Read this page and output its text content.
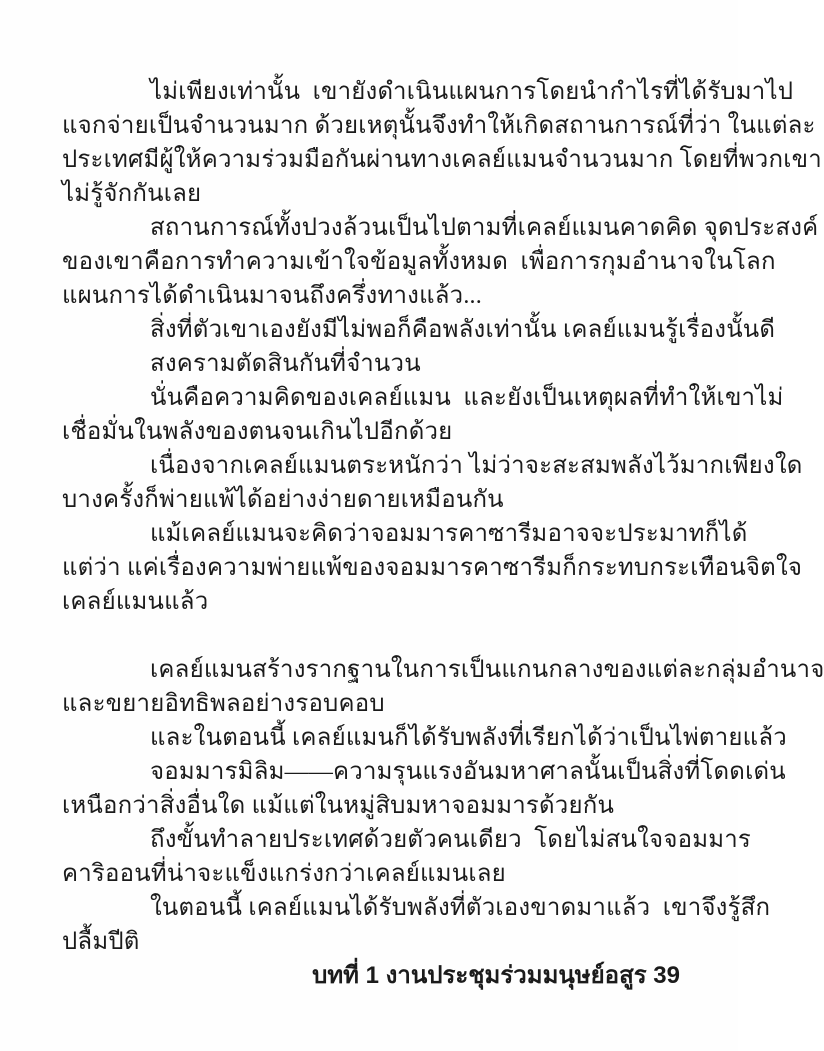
ไม่เพียงเท่านั้น  เขายังดำเนินแผนการโดยนำกำไรที่ได้รับมาไป
แจกจ่ายเป็นจำนวนมาก ด้วยเหตุนั้นจึงทำให้เกิดสถานการณ์ที่ว่า ในแต่ละ
ประเทศมีผู้ให้ความร่วมมือกันผ่านทางเคลย์แมนจำนวนมาก โดยที่พวกเขา
ไม่รู้จักกันเลย
สถานการณ์ทั้งปวงล้วนเป็นไปตามที่เคลย์แมนคาดคิด จุดประสงค์
ของเขาคือการทำความเข้าใจข้อมูลทั้งหมด  เพื่อการกุมอำนาจในโลก
แผนการได้ดำเนินมาจนถึงครึ่งทางแล้ว...
สิ่งที่ตัวเขาเองยังมีไม่พอก็คือพลังเท่านั้น เคลย์แมนรู้เรื่องนั้นดี
สงครามตัดสินกันที่จำนวน
นั่นคือความคิดของเคลย์แมน  และยังเป็นเหตุผลที่ทำให้เขาไม่
เชื่อมั่นในพลังของตนจนเกินไปอีกด้วย
เนื่องจากเคลย์แมนตระหนักว่า ไม่ว่าจะสะสมพลังไว้มากเพียงใด
บางครั้งก็พ่ายแพ้ได้อย่างง่ายดายเหมือนกัน
แม้เคลย์แมนจะคิดว่าจอมมารคาซารีมอาจจะประมาทก็ได้
แต่ว่า แค่เรื่องความพ่ายแพ้ของจอมมารคาซารีมก็กระทบกระเทือนจิตใจ
เคลย์แมนแล้ว
เคลย์แมนสร้างรากฐานในการเป็นแกนกลางของแต่ละกลุ่มอำนาจ
และขยายอิทธิพลอย่างรอบคอบ
และในตอนนี้ เคลย์แมนก็ได้รับพลังที่เรียกได้ว่าเป็นไพ่ตายแล้ว
จอมมารมิลิม——ความรุนแรงอันมหาศาลนั้นเป็นสิ่งที่โดดเด่น
เหนือกว่าสิ่งอื่นใด แม้แต่ในหมู่สิบมหาจอมมารด้วยกัน
ถึงขั้นทำลายประเทศด้วยตัวคนเดียว  โดยไม่สนใจจอมมาร
คาริออนที่น่าจะแข็งแกร่งกว่าเคลย์แมนเลย
ในตอนนี้ เคลย์แมนได้รับพลังที่ตัวเองขาดมาแล้ว  เขาจึงรู้สึก
ปลื้มปีติ
บทที่ 1 งานประชุมร่วมมนุษย์อสูร 39
